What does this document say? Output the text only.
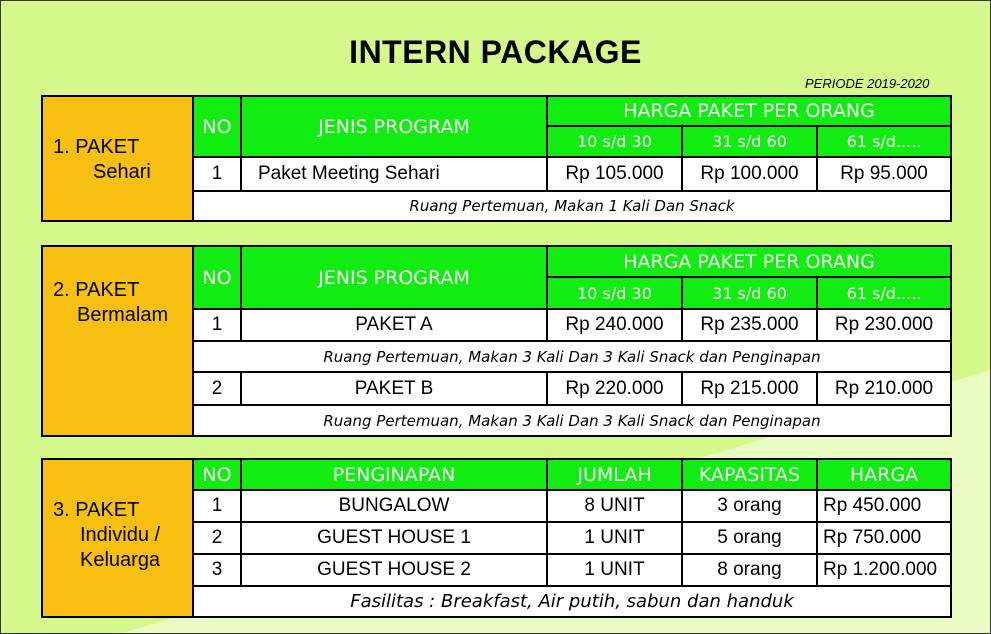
INTERN PACKAGE
PERIODE 2019-2020
1. PAKET
Sehari
NO	JENIS PROGRAM
HARGA PAKET PER ORANG
10 s/d 30	31 s/d 60	61 s/d.....
1	Paket Meeting Sehari	Rp 105.000	Rp 100.000	Rp 95.000
Ruang Pertemuan, Makan 1 Kali Dan Snack
2. PAKET
Bermalam
NO	JENIS PROGRAM
HARGA PAKET PER ORANG
10 s/d 30	31 s/d 60	61 s/d.....
1	PAKET A	Rp 240.000	Rp 235.000	Rp 230.000
Ruang Pertemuan, Makan 3 Kali Dan 3 Kali Snack dan Penginapan
2	PAKET B	Rp 220.000	Rp 215.000	Rp 210.000
Ruang Pertemuan, Makan 3 Kali Dan 3 Kali Snack dan Penginapan
3. PAKET
Individu /
Keluarga
NO	PENGINAPAN	JUMLAH	KAPASITAS	HARGA
1	BUNGALOW	8 UNIT	3 orang	Rp 450.000
2	GUEST HOUSE 1	1 UNIT	5 orang	Rp 750.000
3	GUEST HOUSE 2	1 UNIT	8 orang	Rp 1.200.000
Fasilitas : Breakfast, Air putih, sabun dan handuk
